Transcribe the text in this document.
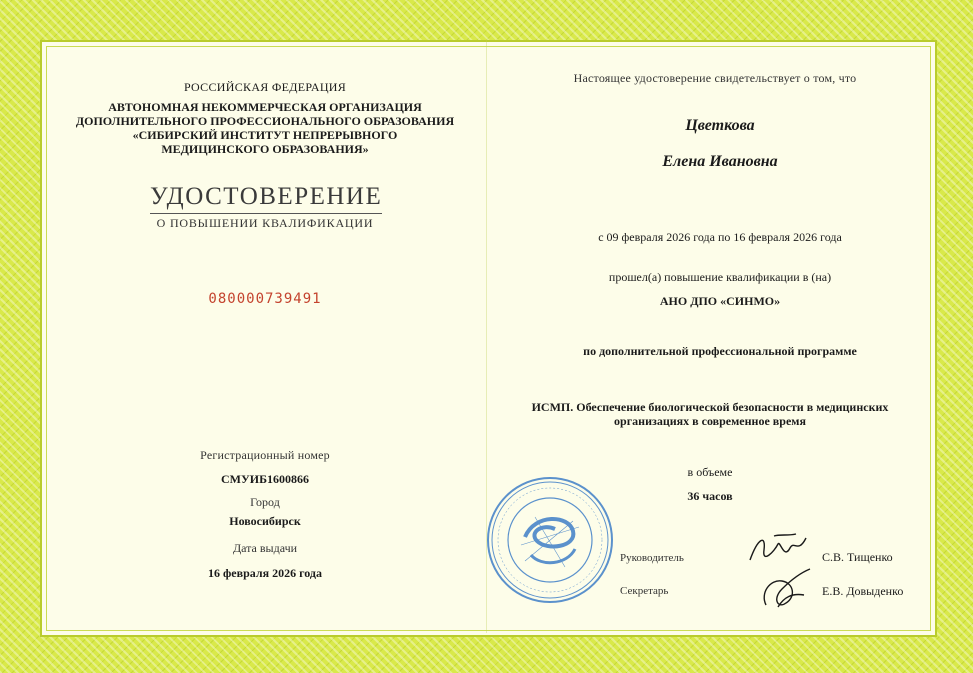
РОССИЙСКАЯ ФЕДЕРАЦИЯ
АВТОНОМНАЯ НЕКОММЕРЧЕСКАЯ ОРГАНИЗАЦИЯ
ДОПОЛНИТЕЛЬНОГО ПРОФЕССИОНАЛЬНОГО ОБРАЗОВАНИЯ
«СИБИРСКИЙ ИНСТИТУТ НЕПРЕРЫВНОГО
МЕДИЦИНСКОГО ОБРАЗОВАНИЯ»
УДОСТОВЕРЕНИЕ
О ПОВЫШЕНИИ КВАЛИФИКАЦИИ
080000739491
Регистрационный номер
СМУИБ1600866
Город
Новосибирск
Дата выдачи
16 февраля 2026 года
Настоящее удостоверение свидетельствует о том, что
Цветкова
Елена Ивановна
с 09 февраля 2026 года по 16 февраля 2026 года
прошел(а) повышение квалификации в (на)
АНО ДПО «СИНМО»
по дополнительной профессиональной программе
ИСМП. Обеспечение биологической безопасности в медицинских
организациях в современное время
в объеме
36 часов
Руководитель
Секретарь
С.В. Тищенко
Е.В. Довыденко
